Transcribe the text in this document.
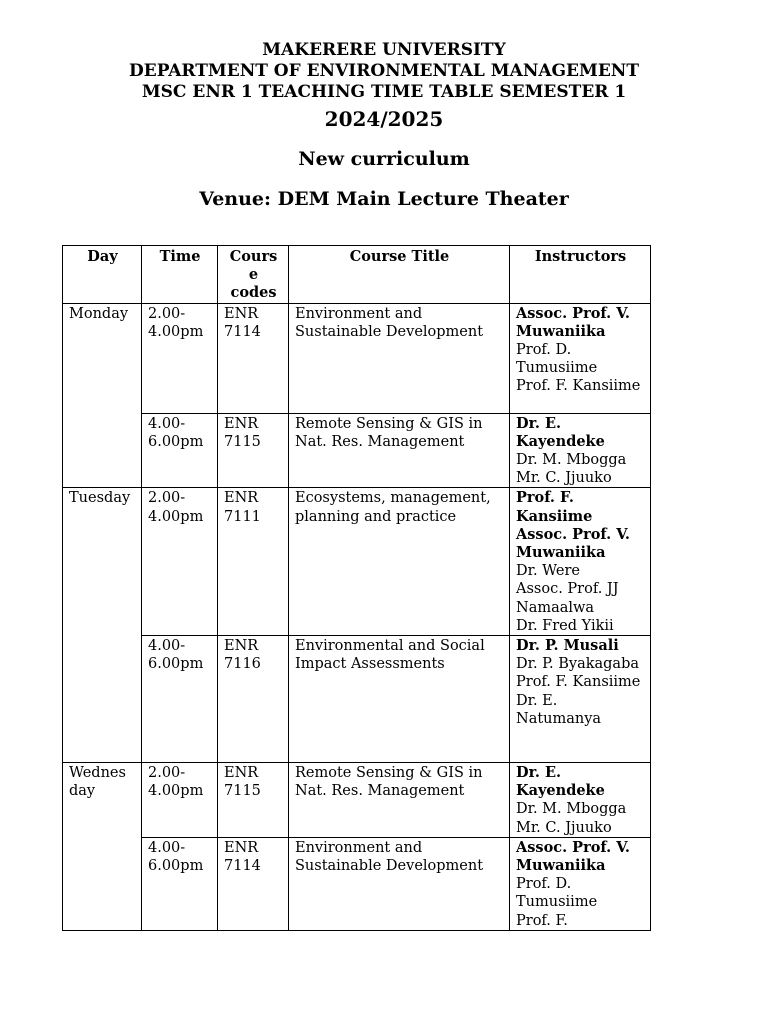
MAKERERE UNIVERSITY
DEPARTMENT OF ENVIRONMENTAL MANAGEMENT
MSC ENR 1 TEACHING TIME TABLE SEMESTER 1
2024/2025
New curriculum
Venue: DEM Main Lecture Theater
Day	Time	Cours e codes	Course Title	Instructors
Monday	2.00-4.00pm	ENR 7114	Environment and Sustainable Development	Assoc. Prof. V. Muwaniika
Prof. D. Tumusiime
Prof. F. Kansiime

	4.00-6.00pm	ENR 7115	Remote Sensing & GIS in Nat. Res. Management	Dr. E. Kayendeke
Dr. M. Mbogga
Mr. C. Jjuuko

Tuesday	2.00-4.00pm	ENR 7111	Ecosystems, management, planning and practice	Prof. F. Kansiime
Assoc. Prof. V. Muwaniika
Dr. Were
Assoc. Prof. JJ Namaalwa
Dr. Fred Yikii

	4.00-6.00pm	ENR 7116	Environmental and Social Impact Assessments	Dr. P. Musali
Dr. P. Byakagaba
Prof. F. Kansiime
Dr. E. Natumanya

Wednes day	2.00-4.00pm	ENR 7115	Remote Sensing & GIS in Nat. Res. Management	Dr. E. Kayendeke
Dr. M. Mbogga
Mr. C. Jjuuko

	4.00-6.00pm	ENR 7114	Environment and Sustainable Development	Assoc. Prof. V. Muwaniika
Prof. D. Tumusiime
Prof. F.
